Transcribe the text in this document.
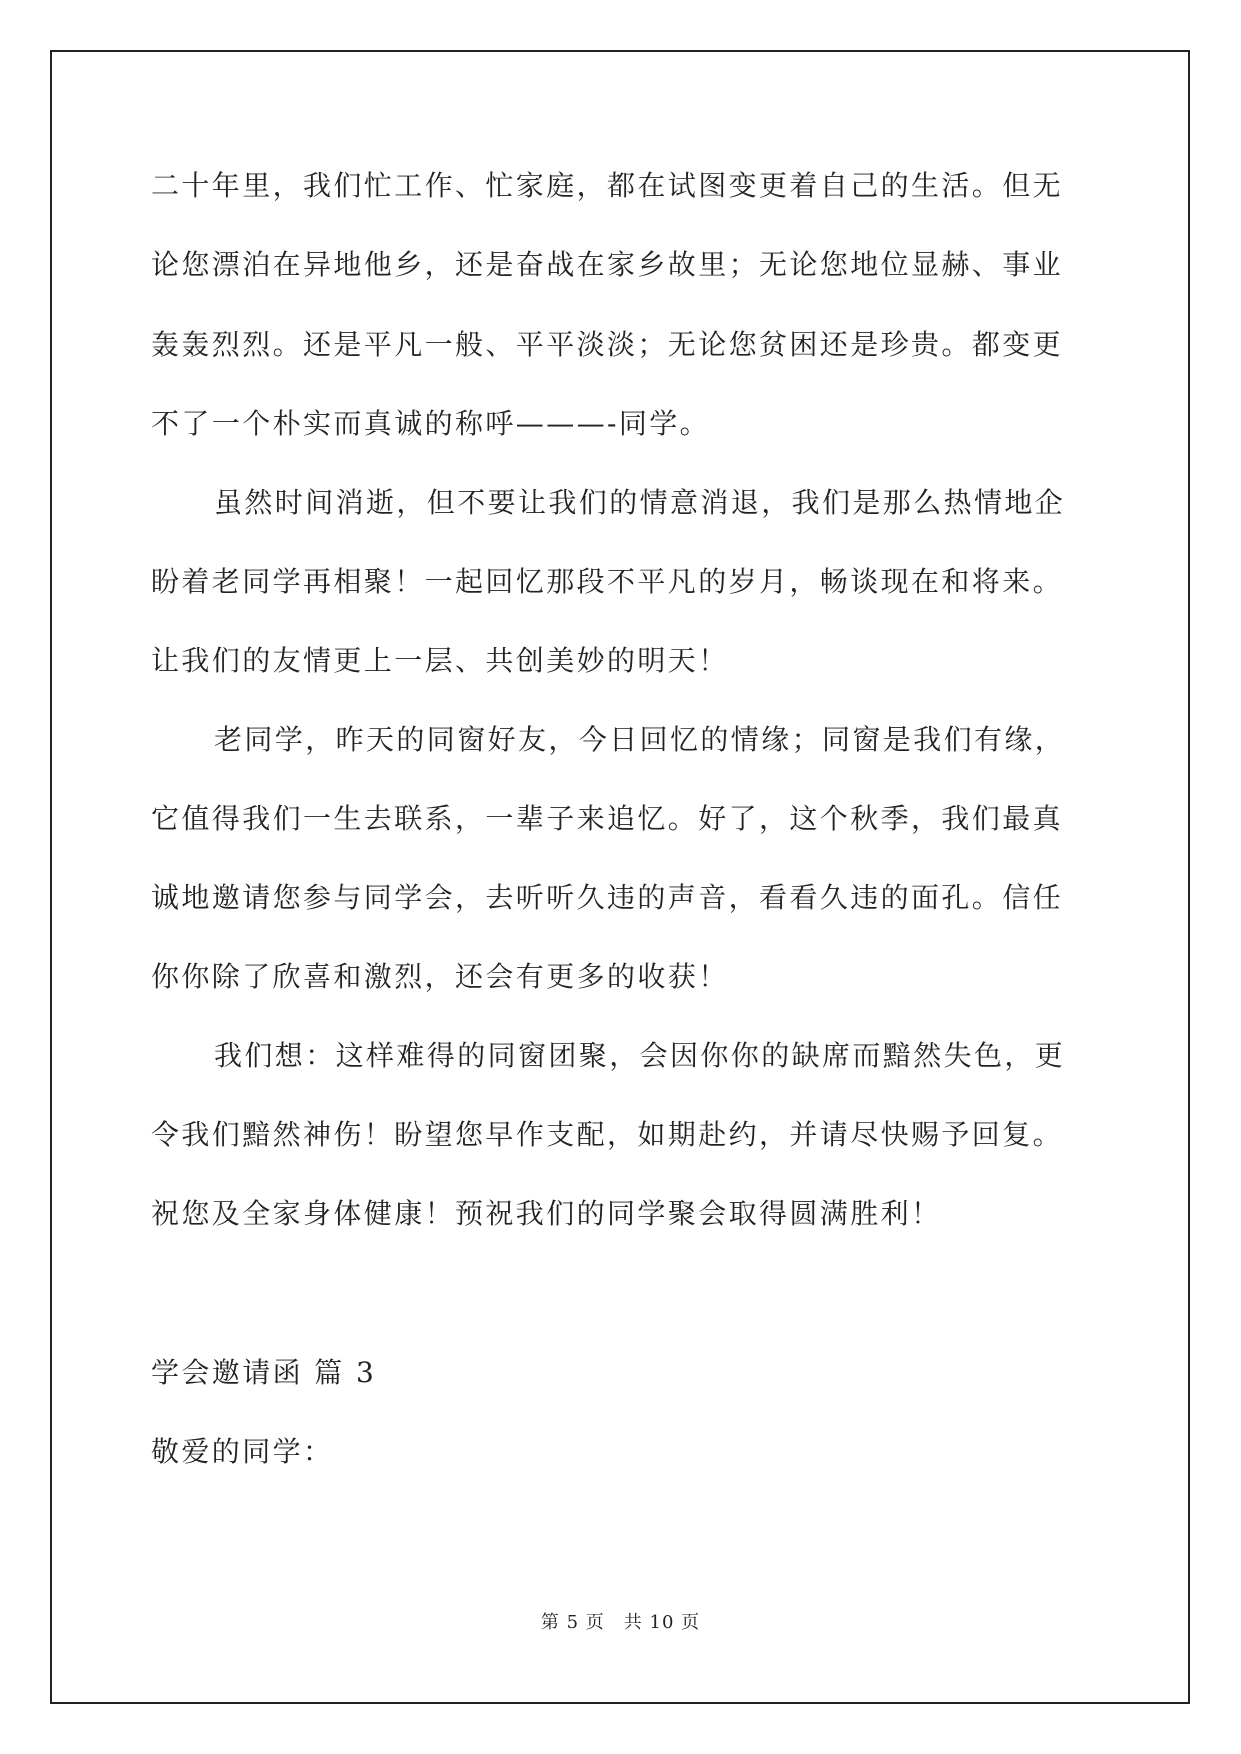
二十年里，我们忙工作、忙家庭，都在试图变更着自己的生活。但无
论您漂泊在异地他乡，还是奋战在家乡故里；无论您地位显赫、事业
轰轰烈烈。还是平凡一般、平平淡淡；无论您贫困还是珍贵。都变更
不了一个朴实而真诚的称呼———-同学。
虽然时间消逝，但不要让我们的情意消退，我们是那么热情地企
盼着老同学再相聚！一起回忆那段不平凡的岁月，畅谈现在和将来。
让我们的友情更上一层、共创美妙的明天！
老同学，昨天的同窗好友，今日回忆的情缘；同窗是我们有缘，
它值得我们一生去联系，一辈子来追忆。好了，这个秋季，我们最真
诚地邀请您参与同学会，去听听久违的声音，看看久违的面孔。信任
你你除了欣喜和激烈，还会有更多的收获！
我们想：这样难得的同窗团聚，会因你你的缺席而黯然失色，更
令我们黯然神伤！盼望您早作支配，如期赴约，并请尽快赐予回复。
祝您及全家身体健康！预祝我们的同学聚会取得圆满胜利！
学会邀请函 篇 3
敬爱的同学：
第 5 页　共 10 页
